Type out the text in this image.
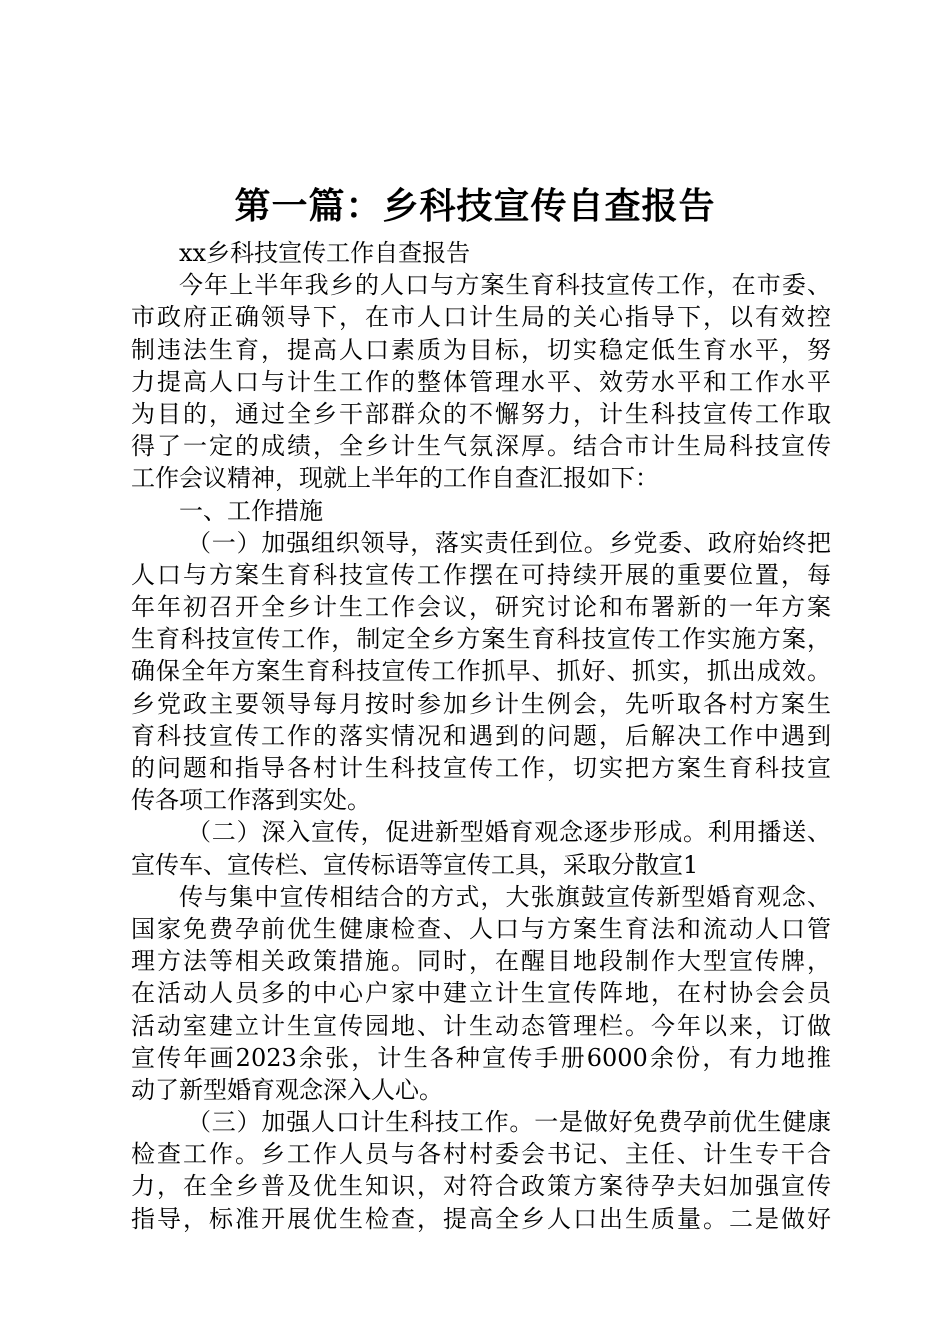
第一篇：乡科技宣传自查报告
xx乡科技宣传工作自查报告
今年上半年我乡的人口与方案生育科技宣传工作，在市委、
市政府正确领导下，在市人口计生局的关心指导下，以有效控
制违法生育，提高人口素质为目标，切实稳定低生育水平，努
力提高人口与计生工作的整体管理水平、效劳水平和工作水平
为目的，通过全乡干部群众的不懈努力，计生科技宣传工作取
得了一定的成绩，全乡计生气氛深厚。结合市计生局科技宣传
工作会议精神，现就上半年的工作自查汇报如下：
一、工作措施
（一）加强组织领导，落实责任到位。乡党委、政府始终把
人口与方案生育科技宣传工作摆在可持续开展的重要位置，每
年年初召开全乡计生工作会议，研究讨论和布署新的一年方案
生育科技宣传工作，制定全乡方案生育科技宣传工作实施方案，
确保全年方案生育科技宣传工作抓早、抓好、抓实，抓出成效。
乡党政主要领导每月按时参加乡计生例会，先听取各村方案生
育科技宣传工作的落实情况和遇到的问题，后解决工作中遇到
的问题和指导各村计生科技宣传工作，切实把方案生育科技宣
传各项工作落到实处。
（二）深入宣传，促进新型婚育观念逐步形成。利用播送、
宣传车、宣传栏、宣传标语等宣传工具，采取分散宣1
传与集中宣传相结合的方式，大张旗鼓宣传新型婚育观念、
国家免费孕前优生健康检查、人口与方案生育法和流动人口管
理方法等相关政策措施。同时，在醒目地段制作大型宣传牌，
在活动人员多的中心户家中建立计生宣传阵地，在村协会会员
活动室建立计生宣传园地、计生动态管理栏。今年以来，订做
宣传年画2023余张，计生各种宣传手册6000余份，有力地推
动了新型婚育观念深入人心。
（三）加强人口计生科技工作。一是做好免费孕前优生健康
检查工作。乡工作人员与各村村委会书记、主任、计生专干合
力，在全乡普及优生知识，对符合政策方案待孕夫妇加强宣传
指导，标准开展优生检查，提高全乡人口出生质量。二是做好
